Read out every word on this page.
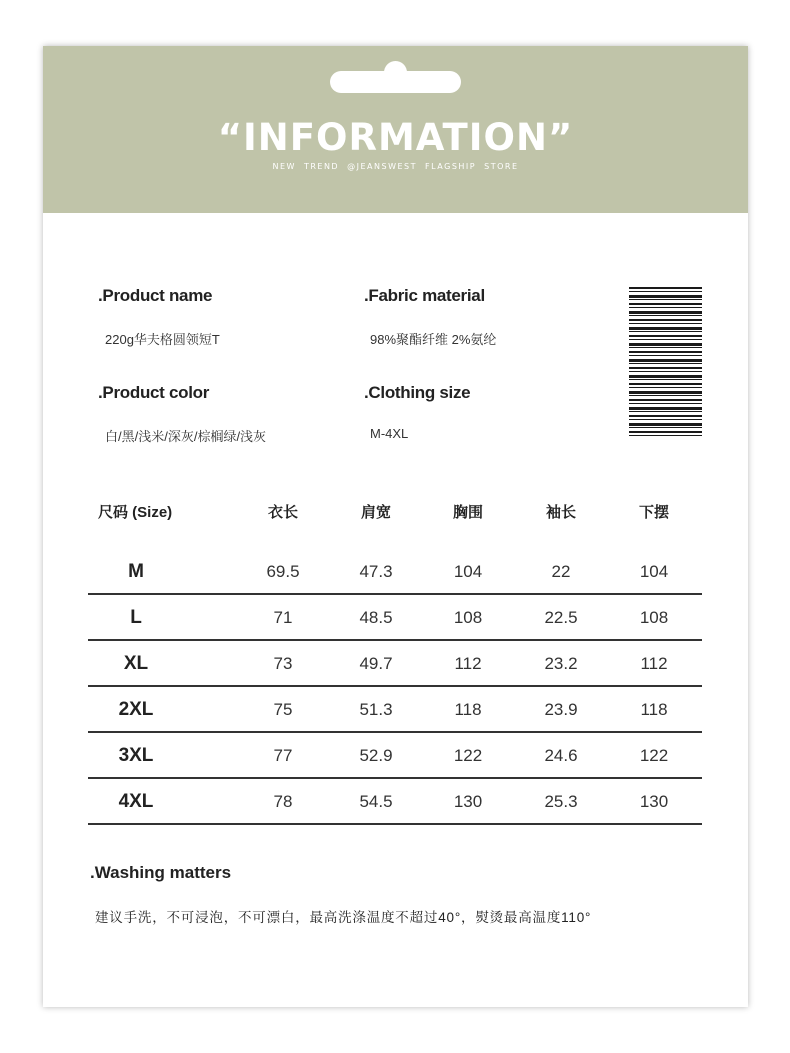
“INFORMATION”
NEW TREND @JEANSWEST FLAGSHIP STORE
.Product name
220g华夫格圆领短T
.Fabric material
98%聚酯纤维 2%氨纶
.Product color
白/黑/浅米/深灰/棕榈绿/浅灰
.Clothing size
M-4XL
尺码 (Size)	衣长	肩宽	胸围	袖长	下摆
M	69.5	47.3	104	22	104
L	71	48.5	108	22.5	108
XL	73	49.7	112	23.2	112
2XL	75	51.3	118	23.9	118
3XL	77	52.9	122	24.6	122
4XL	78	54.5	130	25.3	130
.Washing matters
建议手洗，不可浸泡，不可漂白，最高洗涤温度不超过40°，熨烫最高温度110°
